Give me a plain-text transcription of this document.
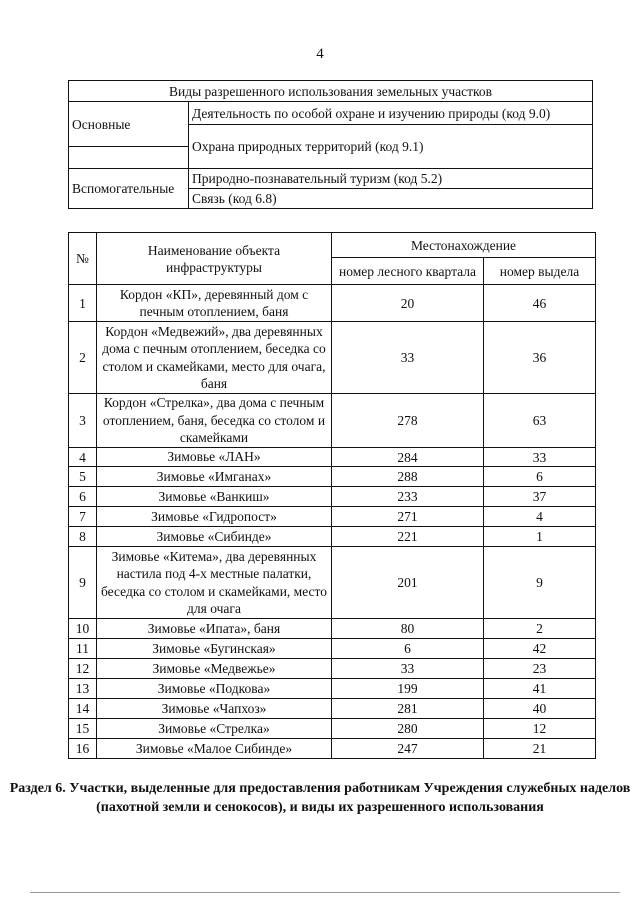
4
Виды разрешенного использования земельных участков	
Основные	Деятельность по особой охране и изучению природы (код 9.0)
	Охрана природных территорий (код 9.1)

Вспомогательные	Природно-познавательный туризм (код 5.2)
	Связь (код 6.8)
№	Наименование объекта инфраструктуры	Местонахождение	
		номер лесного квартала	номер выдела
1	Кордон «КП», деревянный дом с печным отоплением, баня	20	46
2	Кордон «Медвежий», два деревянных дома с печным отоплением, беседка со столом и скамейками, место для очага, баня	33	36
3	Кордон «Стрелка», два дома с печным отоплением, баня, беседка со столом и скамейками	278	63
4	Зимовье «ЛАН»	284	33
5	Зимовье «Имганах»	288	6
6	Зимовье «Ванкиш»	233	37
7	Зимовье «Гидропост»	271	4
8	Зимовье «Сибинде»	221	1
9	Зимовье «Китема», два деревянных настила под 4-х местные палатки, беседка со столом и скамейками, место для очага	201	9
10	Зимовье «Ипата», баня	80	2
11	Зимовье «Бугинская»	6	42
12	Зимовье «Медвежье»	33	23
13	Зимовье «Подкова»	199	41
14	Зимовье «Чапхоз»	281	40
15	Зимовье «Стрелка»	280	12
16	Зимовье «Малое Сибинде»	247	21
Раздел 6. Участки, выделенные для предоставления работникам Учреждения служебных наделов (пахотной земли и сенокосов), и виды их разрешенного использования
